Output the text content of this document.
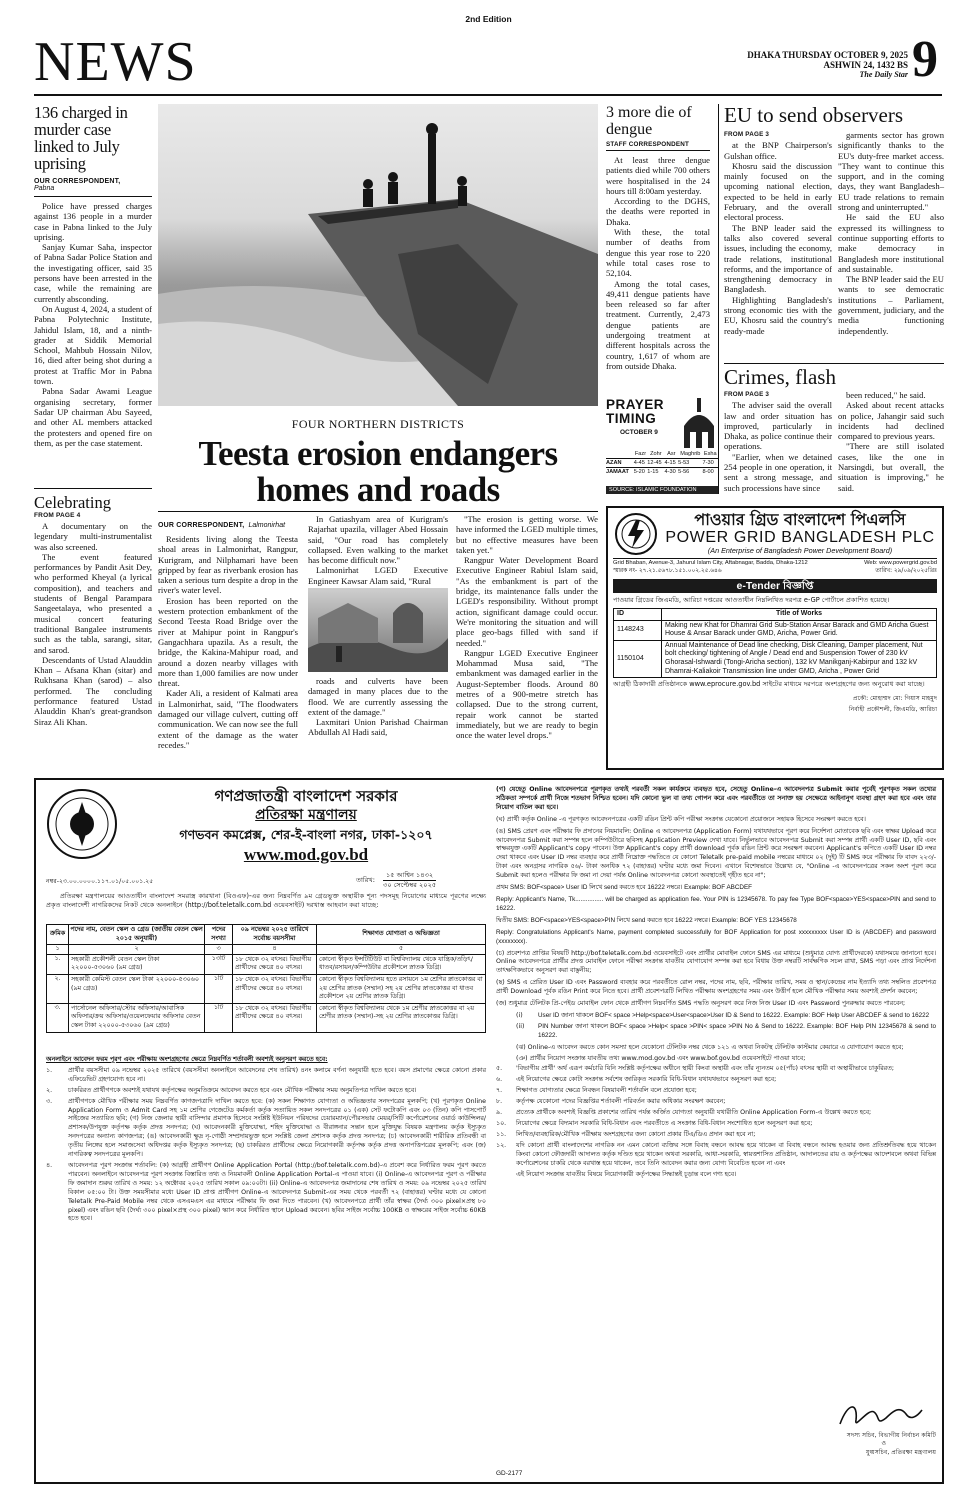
2nd Edition
NEWS	DHAKA THURSDAY OCTOBER 9, 2025
ASHWIN 24, 1432 BS
The Daily Star 9
136 charged in murder case linked to July uprising
OUR CORRESPONDENT,
Pabna

Police have pressed charges against 136 people in a murder case in Pabna linked to the July uprising.

Sanjay Kumar Saha, inspector of Pabna Sadar Police Station and the investigating officer, said 35 persons have been arrested in the case, while the remaining are currently absconding.

On August 4, 2024, a student of Pabna Polytechnic Institute, Jahidul Islam, 18, and a ninth-grader at Siddik Memorial School, Mahbub Hossain Nilov, 16, died after being shot during a protest at Traffic Mor in Pabna town.

Pabna Sadar Awami League organising secretary, former Sadar UP chairman Abu Sayeed, and other AL members attacked the protesters and opened fire on them, as per the case statement.

Celebrating
FROM PAGE 4

A documentary on the legendary multi-instrumentalist was also screened.

The event featured performances by Pandit Asit Dey, who performed Kheyal (a lyrical composition), and teachers and students of Bengal Parampara Sangeetalaya, who presented a musical concert featuring traditional Bangalee instruments such as the tabla, sarangi, sitar, and sarod.

Descendants of Ustad Alauddin Khan – Afsana Khan (sitar) and Rukhsana Khan (sarod) – also performed. The concluding performance featured Ustad Alauddin Khan's great-grandson Siraz Ali Khan.

FOUR NORTHERN DISTRICTS
Teesta erosion endangers homes and roads
OUR CORRESPONDENT, Lalmonirhat

Residents living along the Teesta shoal areas in Lalmonirhat, Rangpur, Kurigram, and Nilphamari have been gripped by fear as riverbank erosion has taken a serious turn despite a drop in the river's water level.

Erosion has been reported on the western protection embankment of the Second Teesta Road Bridge over the river at Mahipur point in Rangpur's Gangachhara upazila. As a result, the bridge, the Kakina-Mahipur road, and around a dozen nearby villages with more than 1,000 families are now under threat.

Kader Ali, a resident of Kalmati area in Lalmonirhat, said, "The floodwaters damaged our village culvert, cutting off communication. We can now see the full extent of the damage as the water recedes."

In Gatiashyam area of Kurigram's Rajarhat upazila, villager Abed Hossain said, "Our road has completely collapsed. Even walking to the market has become difficult now."

Lalmonirhat LGED Executive Engineer Kawsar Alam said, "Rural

roads and culverts have been damaged in many places due to the flood. We are currently assessing the extent of the damage."

Laxmitari Union Parishad Chairman Abdullah Al Hadi said,

"The erosion is getting worse. We have informed the LGED multiple times, but no effective measures have been taken yet."

Rangpur Water Development Board Executive Engineer Rabiul Islam said, "As the embankment is part of the bridge, its maintenance falls under the LGED's responsibility. Without prompt action, significant damage could occur. We're monitoring the situation and will place geo-bags filled with sand if needed."

Rangpur LGED Executive Engineer Mohammad Musa said, "The embankment was damaged earlier in the August-September floods. Around 80 metres of a 900-metre stretch has collapsed. Due to the strong current, repair work cannot be started immediately, but we are ready to begin once the water level drops."

3 more die of dengue
STAFF CORRESPONDENT

At least three dengue patients died while 700 others were hospitalised in the 24 hours till 8:00am yesterday.

According to the DGHS, the deaths were reported in Dhaka.

With these, the total number of deaths from dengue this year rose to 220 while total cases rose to 52,104.

Among the total cases, 49,411 dengue patients have been released so far after treatment. Currently, 2,473 dengue patients are undergoing treatment at different hospitals across the country, 1,617 of whom are from outside Dhaka.

PRAYER
TIMING
OCTOBER 9
	Fazr	Zohr	Asr	Maghrib	Esha
AZAN	4-45	12-45	4-15	5-53	7-30
JAMAAT	5-20	1-15	4-30	5-56	8-00
SOURCE: ISLAMIC FOUNDATION
EU to send observers
FROM PAGE 3

at the BNP Chairperson's Gulshan office.

Khosru said the discussion mainly focused on the upcoming national election, expected to be held in early February, and the overall electoral process.

The BNP leader said the talks also covered several issues, including the economy, trade relations, institutional reforms, and the importance of strengthening democracy in Bangladesh.

Highlighting Bangladesh's strong economic ties with the EU, Khosru said the country's ready-made

garments sector has grown significantly thanks to the EU's duty-free market access. "They want to continue this support, and in the coming days, they want Bangladesh–EU trade relations to remain strong and uninterrupted."

He said the EU also expressed its willingness to continue supporting efforts to make democracy in Bangladesh more institutional and sustainable.

The BNP leader said the EU wants to see democratic institutions – Parliament, government, judiciary, and the media functioning independently.

Crimes, flash
FROM PAGE 3

The adviser said the overall law and order situation has improved, particularly in Dhaka, as police continue their operations.

"Earlier, when we detained 254 people in one operation, it sent a strong message, and such processions have since

been reduced," he said.

Asked about recent attacks on police, Jahangir said such incidents had declined compared to previous years.

"There are still isolated cases, like the one in Narsingdi, but overall, the situation is improving," he said.

পাওয়ার গ্রিড বাংলাদেশ পিএলসি
POWER GRID BANGLADESH PLC
(An Enterprise of Bangladesh Power Development Board)
Grid Bhaban, Avenue-3, Jahurul Islam City, Aftabnagar, Badda, Dhaka-1212	Web: www.powergrid.gov.bd
স্মারক নং- ২৭.২১.৫৬৭৮.১৫১.০০২.২৫.৬৪৬	তারিখ: ২৯/০৯/২০২৫খ্রিঃ
e-Tender বিজ্ঞপ্তি
পাওয়ার গ্রিডের জিএমডি, আরিচা দপ্তরের আওতাধীন নিম্নলিখিত দরপত্র e-GP পোর্টালে প্রকাশিত হয়েছে।
ID	Title of Works
1148243	Making new Khat for Dhamrai Grid Sub-Station Ansar Barack and GMD Aricha Guest House & Ansar Barack under GMD, Aricha, Power Grid.
1150104	Annual Maintenance of Dead line checking, Disk Cleaning, Damper placement, Nut bolt checking/ tightening of Angle / Dead end and Suspension Tower of 230 kV Ghorasal-Ishwardi (Tongi-Aricha section), 132 kV Manikganj-Kabirpur and 132 kV Dhamrai-Kaliakoir Transmission line under GMD, Aricha , Power Grid
আগ্রহী ঠিকাদারী প্রতিষ্ঠানকে www.eprocure.gov.bd সাইটের মাধ্যমে দরপত্রে অংশগ্রহণের জন্য অনুরোধ করা যাচ্ছে।
প্রকৌ: মোহাম্মদ মো: গিয়াস মাহমুদ
নির্বাহী প্রকৌশলী, জিএমডি, আরিচা
গণপ্রজাতন্ত্রী বাংলাদেশ সরকার
প্রতিরক্ষা মন্ত্রণালয়
গণভবন কমপ্লেক্স, শের-ই-বাংলা নগর, ঢাকা-১২০৭
www.mod.gov.bd
তারিখ:
১৫ আশ্বিন ১৪৩২
৩০ সেপ্টেম্বর ২০২৫
নম্বর-২৩.০০.০০০০.১১৭.০১/০৫.০০১.২৫
প্রতিরক্ষা মন্ত্রণালয়ের আওতাধীন বাংলাদেশ সমরাস্ত্র কারখানা (বিওএফ)-এর জন্য নিম্নবর্ণিত ৯ম গ্রেডভুক্ত অস্থায়ীক শূন্য পদসমূহ নিয়োগের মাধ্যমে পূরণের লক্ষ্যে প্রকৃত বাংলাদেশী নাগরিকদের নিকট থেকে অনলাইনে (http://bof.teletalk.com.bd ওয়েবসাইট) দরখাস্ত আহবান করা যাচ্ছে:
ক্রমিক	পদের নাম, বেতন স্কেল ও গ্রেড (জাতীয় বেতন স্কেল ২০১৫ অনুযায়ী)	পদের সংখ্যা	০৯ নভেম্বর ২০২৫ তারিখে সর্বোচ্চ বয়সসীমা	শিক্ষাগত যোগ্যতা ও অভিজ্ঞতা
১	২	৩	৪	৫
১.	সহকারী প্রকৌশলী বেতন স্কেল টাকা ২২০০০-৫৩০৬০ (৯ম গ্রেড)	১৩টি	১৮ থেকে ৩২ বৎসর। বিভাগীয় প্রার্থীদের ক্ষেত্রে ৪০ বৎসর।	কোনো স্বীকৃত ইন্সটিটিউট বা বিশ্ববিদ্যালয় থেকে যান্ত্রিক/তড়িৎ/ধাতব/রসায়ন/কম্পিউটার প্রকৌশলে স্নাতক ডিগ্রি।
২.	সহকারী কেমিস্ট বেতন স্কেল টাকা ২২০০০-৫৩০৬০ (৯ম গ্রেড)	১টি	১৮ থেকে ৩২ বৎসর। বিভাগীয় প্রার্থীদের ক্ষেত্রে ৪০ বৎসর।	কোনো স্বীকৃত বিশ্ববিদ্যালয় হতে রসায়নে ১ম শ্রেণির স্নাতকোত্তর বা ২য় শ্রেণির স্নাতক (সম্মান) সহ ২য় শ্রেণির স্নাতকোত্তর বা ধাতব প্রকৌশলে ২য় শ্রেণির স্নাতক ডিগ্রি।
৩.	পার্সোনেল অফিসার/স্টোর অফিসার/আবাসিক অফিসার/ক্রয় অফিসার/ওয়েলফেয়ার অফিসার বেতন স্কেল টাকা ২২০০০-৫৩০৬০ (৯ম গ্রেড)	১টি	১৮ থেকে ৩২ বৎসর। বিভাগীয় প্রার্থীদের ক্ষেত্রে ৪০ বৎসর।	কোনো স্বীকৃত বিশ্ববিদ্যালয় থেকে ১ম শ্রেণীর স্নাতকোত্তর বা ২য় শ্রেণীর স্নাতক (সম্মান)-সহ ২য় শ্রেণির স্নাতকোত্তর ডিগ্রি।
অনলাইনে আবেদন ফরম পূরণ এবং পরীক্ষায় অংশগ্রহণের ক্ষেত্রে নিম্নবর্ণিত শর্তাবলী অবশ্যই অনুসরণ করতে হবে:
১.	প্রার্থীর বয়সসীমা ০৯ নভেম্বর ২০২৫ তারিখে (বয়সসীমা অনলাইনে আবেদনের শেষ তারিখ) ৪নং কলামে বর্ণনা অনুযায়ী হতে হবে। বয়স প্রমাণের ক্ষেত্রে কোনো প্রকার এফিডেভিট গ্রহণযোগ্য হবে না।
২.	চাকরিরত প্রার্থীগণকে অবশ্যই যথাযথ কর্তৃপক্ষের অনুমতিক্রমে আবেদন করতে হবে এবং মৌখিক পরীক্ষার সময় অনুমতিপত্র দাখিল করতে হবে।
৩.	প্রার্থীগণকে মৌখিক পরীক্ষার সময় নিম্নবর্ণিত কাগজপত্রাদি দাখিল করতে হবে: (ক) সকল শিক্ষাগত যোগ্যতা ও অভিজ্ঞতার সনদপত্রের মূলকপি; (খ) পূরণকৃত Online Application Form ও Admit Card সহ ১ম শ্রেণির গেজেটেড কর্মকর্তা কর্তৃক সত্যায়িত সকল সনদপত্রের ০১ (এক) সেট ফটোকপি এবং ০৩ (তিন) কপি পাসপোর্ট সাইজের সত্যায়িত ছবি; (গ) নিজ জেলার স্থায়ী বাসিন্দার প্রমাণক হিসেবে সংশ্লিষ্ট ইউনিয়ন পরিষদের চেয়ারম্যান/পৌরসভার মেয়র/সিটি কর্পোরেশনের ওয়ার্ড কাউন্সিলর/প্রশাসক/উপযুক্ত কর্তৃপক্ষ কর্তৃক প্রদত্ত সনদপত্র; (ঘ) আবেদনকারী মুক্তিযোদ্ধা, শহিদ মুক্তিযোদ্ধা ও বীরাঙ্গনার সন্তান হলে মুক্তিযুদ্ধ বিষয়ক মন্ত্রণালয় কর্তৃক ইস্যুকৃত সনদপত্রের অন্যান্য কাগজপত্র; (ঙ) আবেদনকারী ক্ষুদ্র নৃ-গোষ্ঠী সম্প্রদায়ভুক্ত হলে সংশ্লিষ্ট জেলা প্রশাসক কর্তৃক প্রদত্ত সনদপত্র; (চ) আবেদনকারী শারীরিক প্রতিবন্ধী বা তৃতীয় লিঙ্গের হলে সমাজসেবা অধিদপ্তর কর্তৃক ইস্যুকৃত সনদপত্র; (ছ) চাকরিরত প্রার্থীদের ক্ষেত্রে নিয়োগকারী কর্তৃপক্ষ কর্তৃক প্রদত্ত অনাপত্তিপত্রের মূলকপি; এবং (জ) নাগরিকত্ব সনদপত্রের মূলকপি।
৪.	আবেদনপত্র পূরণ সংক্রান্ত শর্তাবলি: (ক) আগ্রহী প্রার্থীগণ Online Application Portal (http://bof.teletalk.com.bd)-এ প্রবেশ করে নির্ধারিত ফরম পূরণ করতে পারবেন। অনলাইনে আবেদনপত্র পূরণ সংক্রান্ত বিস্তারিত তথ্য ও নিয়মাবলী Online Application Portal-এ পাওয়া যাবে। (i) Online-এ আবেদনপত্র পূরণ ও পরীক্ষার ফি জমাদান শুরুর তারিখ ও সময়: ১২ অক্টোবর ২০২৫ তারিখ সকাল ০৯:০০টা। (ii) Online-এ আবেদনপত্র জমাদানের শেষ তারিখ ও সময়: ০৯ নভেম্বর ২০২৫ তারিখ বিকাল ০৫:০০ টা। উক্ত সময়সীমার মধ্যে User ID প্রাপ্ত প্রার্থীগণ Online-এ আবেদনপত্র Submit-এর সময় থেকে পরবর্তী ৭২ (বাহাত্তর) ঘণ্টার মধ্যে যে কোনো Teletalk Pre-Paid Mobile নম্বর থেকে এসএমএস এর মাধ্যমে পরীক্ষার ফি জমা দিতে পারবেন। (খ) আবেদনপত্রে প্রার্থী তাঁর স্বাক্ষর (দৈর্ঘ্য ৩০০ pixel×প্রস্থ ৮০ pixel) এবং রঙিন ছবি (দৈর্ঘ্য ৩০০ pixel×প্রস্থ ৩০০ pixel) স্ক্যান করে নির্ধারিত স্থানে Upload করবেন। ছবির সাইজ সর্বোচ্চ 100KB ও স্বাক্ষরের সাইজ সর্বোচ্চ 60KB হতে হবে।
(গ) যেহেতু Online আবেদনপত্রে পূরণকৃত তথ্যই পরবর্তী সকল কার্যক্রমে ব্যবহৃত হবে, সেহেতু Online-এ আবেদনপত্র Submit করার পূর্বেই পূরণকৃত সকল তথ্যের সঠিকতা সম্পর্কে প্রার্থী নিজে শতভাগ নিশ্চিত হবেন। যদি কোনো ভুল বা তথ্য গোপন করে এবং পরবর্তীতে তা সনাক্ত হয় সেক্ষেত্রে আইনানুগ ব্যবস্থা গ্রহণ করা হবে এবং তার নিয়োগ বাতিল করা হবে।
(ঘ) প্রার্থী কর্তৃক Online -এ পূরণকৃত আবেদনপত্রের একটি রঙিন প্রিন্ট কপি পরীক্ষা সংক্রান্ত যেকোনো প্রয়োজনে সহায়ক হিসেবে সংরক্ষণ করতে হবে।
(ঙ) SMS প্রেরণ এবং পরীক্ষার ফি প্রদানের নিয়মাবলি: Online এ আবেদনপত্র (Application Form) যথাযথভাবে পূরণ করে নির্দেশনা মোতাবেক ছবি এবং স্বাক্ষর Upload করে আবেদনপত্র Submit করা সম্পন্ন হলে কম্পিউটারে ছবিসহ Application Preview দেখা যাবে। নির্ভুলভাবে আবেদনপত্র Submit করা সম্পন্ন প্রার্থী একটি User ID, ছবি এবং স্বাক্ষরযুক্ত একটি Applicant's copy পাবেন। উক্ত Applicant's copy প্রার্থী download পূর্বক রঙিন প্রিন্ট করে সংরক্ষণ করবেন। Applicant's কপিতে একটি User ID নম্বর দেয়া থাকবে এবং User ID নম্বর ব্যবহার করে প্রার্থী নিম্নোক্ত পদ্ধতিতে যে কোনো Teletalk pre-paid mobile নম্বরের মাধ্যমে ০২ (দুই) টি SMS করে পরীক্ষার ফি বাবদ ২২৩/- টাকা এবং অনগ্রসর নাগরিক ৫৬/- টাকা অনধিক ৭২ (বাহাত্তর) ঘণ্টার মধ্যে জমা দিবেন। এখানে বিশেষভাবে উল্লেখ্য যে, "Online -এ আবেদনপত্রের সকল অংশ পূরণ করে Submit করা হলেও পরীক্ষার ফি জমা না দেয়া পর্যন্ত Online আবেদনপত্র কোনো অবস্থাতেই গৃহীত হবে না";
প্রথম SMS: BOF<space> User ID লিখে send করতে হবে 16222 নম্বরে। Example: BOF ABCDEF
Reply: Applicant's Name, Tk................ will be charged as application fee. Your PIN is 12345678. To pay fee Type BOF<space>YES<space>PIN and send to 16222.
দ্বিতীয় SMS: BOF<space>YES<space>PIN লিখে send করতে হবে 16222 নম্বরে। Example: BOF YES 12345678
Reply: Congratulations Applicant's Name, payment completed successfully for BOF Application for post xxxxxxxxx User ID is (ABCDEF) and password (xxxxxxxx).
(চ) প্রবেশপত্র প্রাপ্তির বিষয়টি http://bof.teletalk.com.bd ওয়েবসাইটে এবং প্রার্থীর মোবাইল ফোনে SMS এর মাধ্যমে (শুধুমাত্র যোগ্য প্রার্থীদেরকে) যথাসময়ে জানানো হবে। Online আবেদনপত্রে প্রার্থীর প্রদত্ত মোবাইল ফোনে পরীক্ষা সংক্রান্ত যাবতীয় যোগাযোগ সম্পন্ন করা হবে বিধায় উক্ত নম্বরটি সার্বক্ষণিক সচল রাখা, SMS পড়া এবং প্রাপ্ত নির্দেশনা তাৎক্ষণিকভাবে অনুসরণ করা বাঞ্ছনীয়;
(ছ) SMS এ প্রেরিত User ID এবং Password ব্যবহার করে পরবর্তীতে রোল নম্বর, পদের নাম, ছবি, পরীক্ষার তারিখ, সময় ও স্থান/কেন্দ্রের নাম ইত্যাদি তথ্য সম্বলিত প্রবেশপত্র প্রার্থী Download পূর্বক রঙিন Print করে নিতে হবে। প্রার্থী প্রবেশপত্রটি লিখিত পরীক্ষায় অংশগ্রহণের সময় এবং উত্তীর্ণ হলে মৌখিক পরীক্ষার সময় অবশ্যই প্রদর্শন করবেন;
(জ) শুধুমাত্র টেলিটক প্রি-পেইড মোবাইল ফোন থেকে প্রার্থীগণ নিম্নবর্ণিত SMS পদ্ধতি অনুসরণ করে নিজ নিজ User ID এবং Password পুনরুদ্ধার করতে পারবেন;
(i)	User ID জানা থাকলে BOF< space >Help<space>User<space>User ID & Send to 16222. Example: BOF Help User ABCDEF & send to 16222
(ii)	PIN Number জানা থাকলে BOF< space >Help< space >PIN< space >PIN No & Send to 16222. Example: BOF Help PIN 12345678 & send to 16222.
(ঝ) Online-এ আবেদন করতে কোন সমস্যা হলে যেকোনো টেলিটক নম্বর থেকে ১২১ এ অথবা নিকটস্থ টেলিটক কাস্টমার কেয়ারে এ যোগাযোগ করতে হবে;
(ঞ) প্রার্থীর নিয়োগ সংক্রান্ত যাবতীয় তথ্য www.mod.gov.bd এবং www.bof.gov.bd ওয়েবসাইটে পাওয়া যাবে;
৫.	'বিভাগীয় প্রার্থী' অর্থ এরূপ কর্মচারি যিনি সংশ্লিষ্ট কর্তৃপক্ষের অধীনে স্থায়ী কিংবা অস্থায়ী এবং তাঁর ন্যূনতম ০৫(পাঁচ) বৎসর স্থায়ী বা অস্থায়ীভাবে চাকুরিরত;
৬.	এই নিয়োগের ক্ষেত্রে কোটা সংক্রান্ত সর্বশেষ জারিকৃত সরকারি বিধি-বিধান যথাযথভাবে অনুসরণ করা হবে;
৭.	শিক্ষাগত যোগ্যতার ক্ষেত্রে নিবন্ধন বিষয়াবলী শর্তাবলি বলে প্রযোজ্য হবে;
৮.	কর্তৃপক্ষ যেকোনো পদের বিজ্ঞপ্তির শর্তাবলী পরিবর্তন করার অধিকার সংরক্ষণ করবেন;
৯.	প্রত্যেক প্রার্থীকে অবশ্যই বিজ্ঞপ্তি প্রকাশের তারিখ পর্যন্ত অর্জিত যোগ্যতা অনুযায়ী যথারীতি Online Application Form-এ উল্লেখ করতে হবে;
১০.	নিয়োগের ক্ষেত্রে বিদ্যমান সরকারি বিধি-বিধান এবং পরবর্তীতে এ সংক্রান্ত বিধি-বিধান সংশোধিত হলে অনুসরণ করা হবে;
১১.	লিখিত/ব্যবহারিক/মৌখিক পরীক্ষায় অংশগ্রহণের জন্য কোনো প্রকার টিএ/ডিএ প্রদান করা হবে না;
১২.	যদি কোনো প্রার্থী বাংলাদেশের নাগরিক নন এমন কোনো ব্যক্তির সঙ্গে বিবাহ বন্ধনে আবদ্ধ হয়ে থাকেন বা বিবাহ বন্ধনে আবদ্ধ হওয়ার জন্য প্রতিশ্রুতিবদ্ধ হয়ে থাকেন কিংবা কোনো ফৌজদারী আদালত কর্তৃক দণ্ডিত হয়ে থাকেন অথবা সরকারি, আধা-সরকারি, স্বায়ত্তশাসিত প্রতিষ্ঠান, আদালতের রায় ও কর্তৃপক্ষের আদেশবলে অথবা বিভিন্ন কর্পোরেশনের চাকরি থেকে বরখাস্ত হয়ে থাকেন, তবে তিনি আবেদন করার জন্য যোগ্য বিবেচিত হবেন না এবং
এই নিয়োগ সংক্রান্ত যাবতীয় বিষয়ে নিয়োগকারী কর্তৃপক্ষের সিদ্ধান্তই চূড়ান্ত বলে গণ্য হবে।
সদস্য সচিব, বিভাগীয় নির্বাচন কমিটি
ও
যুগ্মসচিব, প্রতিরক্ষা মন্ত্রণালয়
GD-2177
